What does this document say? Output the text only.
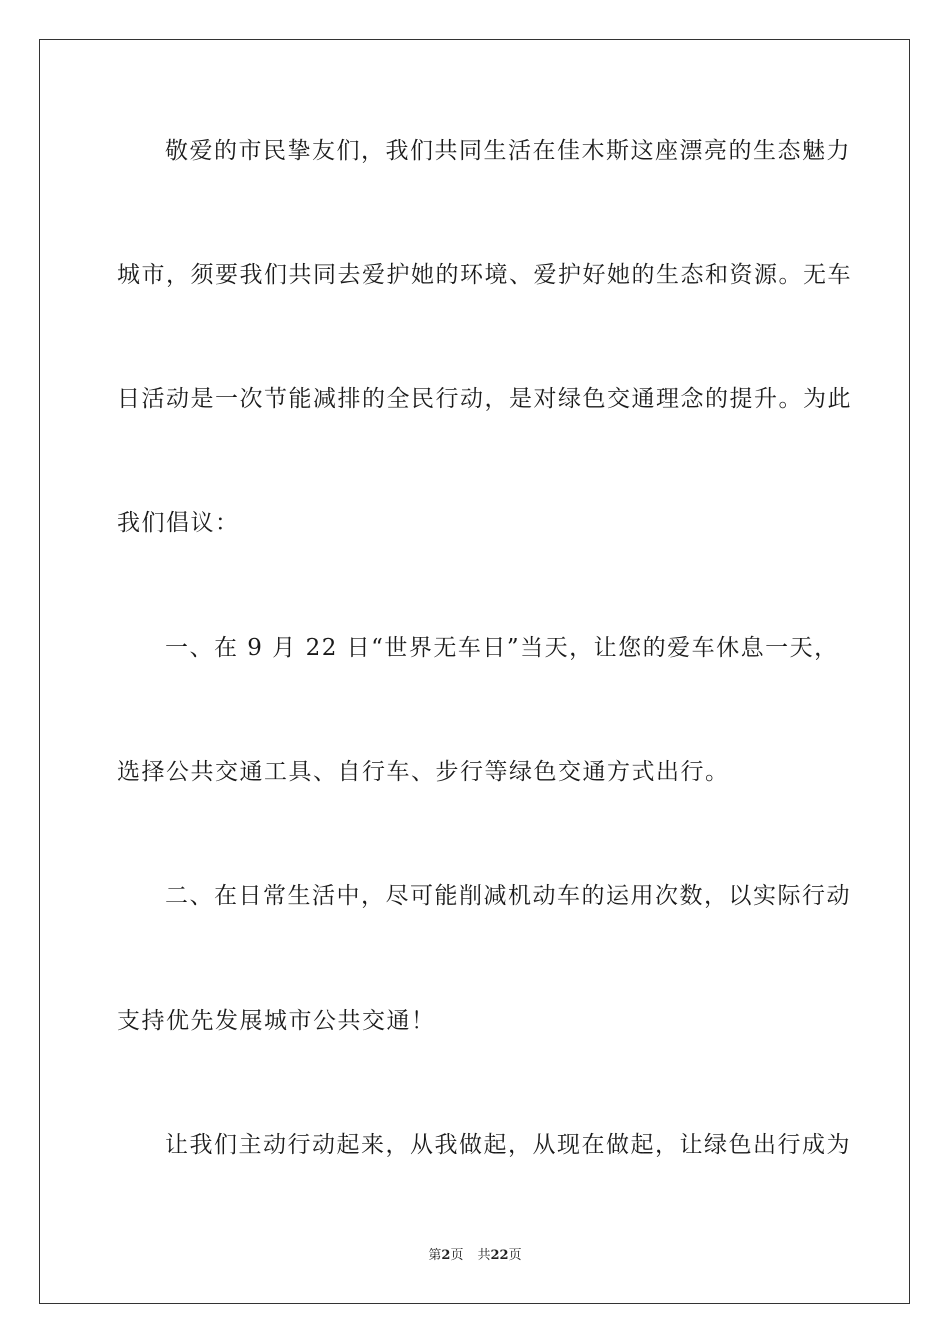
敬爱的市民挚友们，我们共同生活在佳木斯这座漂亮的生态魅力
城市，须要我们共同去爱护她的环境、爱护好她的生态和资源。无车
日活动是一次节能减排的全民行动，是对绿色交通理念的提升。为此
我们倡议：
一、在 9 月 22 日“世界无车日”当天，让您的爱车休息一天，
选择公共交通工具、自行车、步行等绿色交通方式出行。
二、在日常生活中，尽可能削减机动车的运用次数，以实际行动
支持优先发展城市公共交通！
让我们主动行动起来，从我做起，从现在做起，让绿色出行成为
第2页 共22页
